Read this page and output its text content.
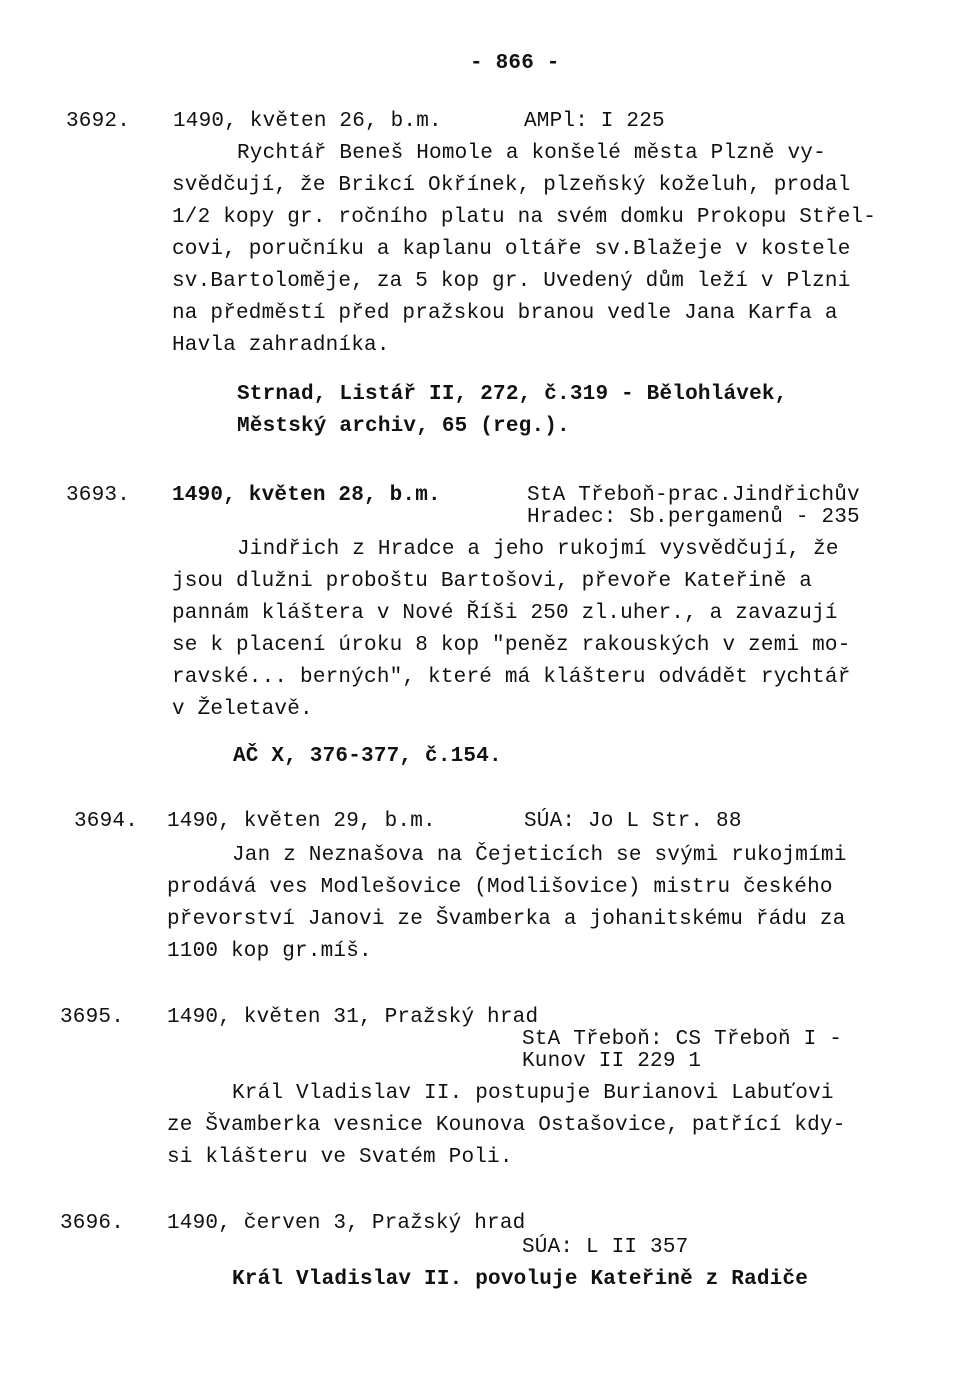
- 866 -
3692. 1490, květen 26, b.m.	AMPl: I 225
Rychtář Beneš Homole a konšelé města Plzně vy-
svědčují, že Brikcí Okřínek, plzeňský koželuh, prodal
1/2 kopy gr. ročního platu na svém domku Prokopu Střel-
covi, poručníku a kaplanu oltáře sv.Blažeje v kostele
sv.Bartoloměje, za 5 kop gr. Uvedený dům leží v Plzni
na předměstí před pražskou branou vedle Jana Karfa a
Havla zahradníka.
Strnad, Listář II, 272, č.319 - Bělohlávek,
Městský archiv, 65 (reg.).
3693. 1490, květen 28, b.m.	StA Třeboň-prac.Jindřichův
Hradec: Sb.pergamenů - 235
Jindřich z Hradce a jeho rukojmí vysvědčují, že
jsou dlužni proboštu Bartošovi, převoře Kateřině a
pannám kláštera v Nové Říši 250 zl.uher., a zavazují
se k placení úroku 8 kop "peněz rakouských v zemi mo-
ravské... berných", které má klášteru odvádět rychtář
v Želetavě.
AČ X, 376-377, č.154.
3694. 1490, květen 29, b.m.	SÚA: Jo L Str. 88
Jan z Neznašova na Čejeticích se svými rukojmími
prodává ves Modlešovice (Modlišovice) mistru českého
převorství Janovi ze Švamberka a johanitskému řádu za
1100 kop gr.míš.
3695. 1490, květen 31, Pražský hrad
StA Třeboň: CS Třeboň I -
Kunov II 229 1
Král Vladislav II. postupuje Burianovi Labuťovi
ze Švamberka vesnice Kounova Ostašovice, patřící kdy-
si klášteru ve Svatém Poli.
3696. 1490, červen 3, Pražský hrad
SÚA: L II 357
Král Vladislav II. povoluje Kateřině z Radiče
